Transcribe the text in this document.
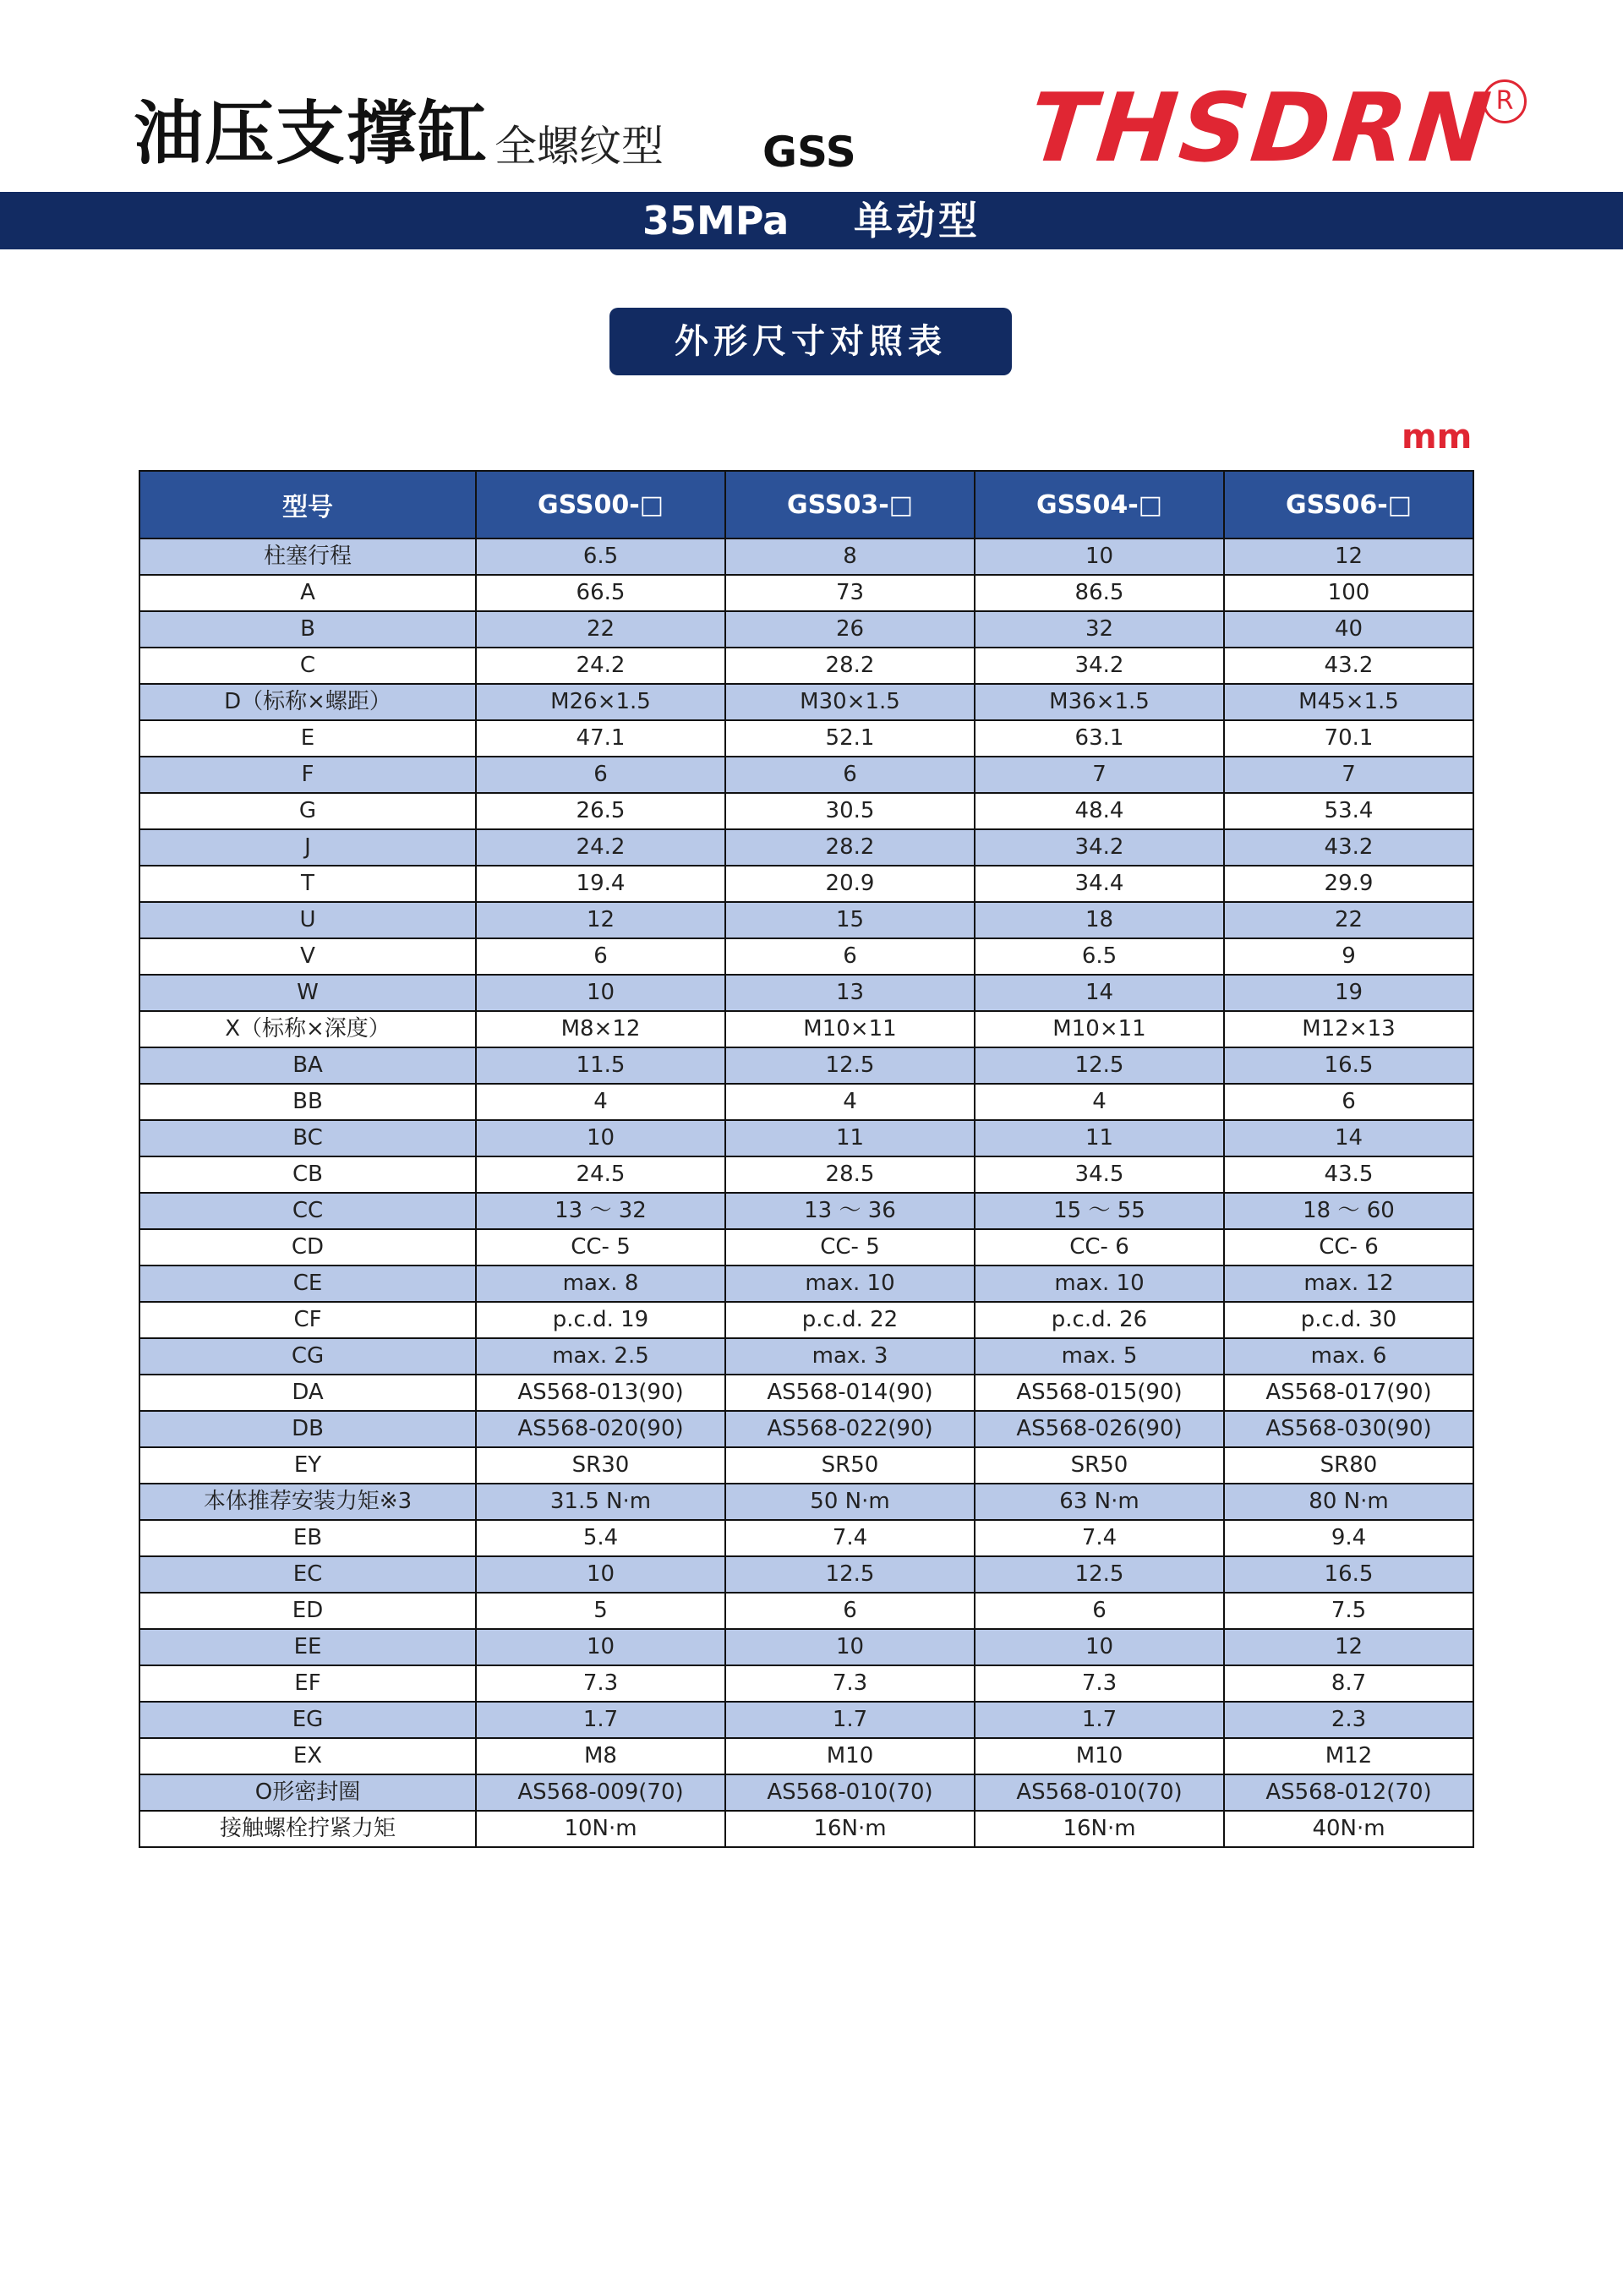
油压支撑缸 全螺纹型 GSS THSDRN
R
35MPa 单动型
外形尺寸对照表
mm
型号	GSS00-□	GSS03-□	GSS04-□	GSS06-□
柱塞行程	6.5	8	10	12
A	66.5	73	86.5	100
B	22	26	32	40
C	24.2	28.2	34.2	43.2
D（标称×螺距）	M26×1.5	M30×1.5	M36×1.5	M45×1.5
E	47.1	52.1	63.1	70.1
F	6	6	7	7
G	26.5	30.5	48.4	53.4
J	24.2	28.2	34.2	43.2
T	19.4	20.9	34.4	29.9
U	12	15	18	22
V	6	6	6.5	9
W	10	13	14	19
X（标称×深度）	M8×12	M10×11	M10×11	M12×13
BA	11.5	12.5	12.5	16.5
BB	4	4	4	6
BC	10	11	11	14
CB	24.5	28.5	34.5	43.5
CC	13 ～ 32	13 ～ 36	15 ～ 55	18 ～ 60
CD	CC- 5	CC- 5	CC- 6	CC- 6
CE	max. 8	max. 10	max. 10	max. 12
CF	p.c.d. 19	p.c.d. 22	p.c.d. 26	p.c.d. 30
CG	max. 2.5	max. 3	max. 5	max. 6
DA	AS568-013(90)	AS568-014(90)	AS568-015(90)	AS568-017(90)
DB	AS568-020(90)	AS568-022(90)	AS568-026(90)	AS568-030(90)
EY	SR30	SR50	SR50	SR80
本体推荐安装力矩※3	31.5 N·m	50 N·m	63 N·m	80 N·m
EB	5.4	7.4	7.4	9.4
EC	10	12.5	12.5	16.5
ED	5	6	6	7.5
EE	10	10	10	12
EF	7.3	7.3	7.3	8.7
EG	1.7	1.7	1.7	2.3
EX	M8	M10	M10	M12
O形密封圈	AS568-009(70)	AS568-010(70)	AS568-010(70)	AS568-012(70)
接触螺栓拧紧力矩	10N·m	16N·m	16N·m	40N·m
